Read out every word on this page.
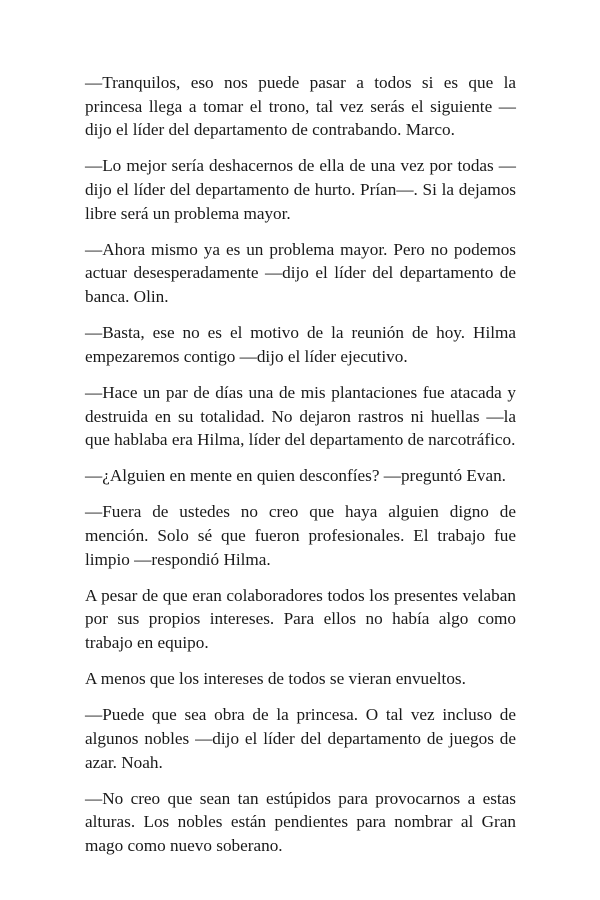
—Tranquilos, eso nos puede pasar a todos si es que la princesa llega a tomar el trono, tal vez serás el siguiente —dijo el líder del departamento de contrabando. Marco.

—Lo mejor sería deshacernos de ella de una vez por todas —dijo el líder del departamento de hurto. Prían—. Si la dejamos libre será un problema mayor.

—Ahora mismo ya es un problema mayor. Pero no podemos actuar desesperadamente —dijo el líder del departamento de banca. Olin.

—Basta, ese no es el motivo de la reunión de hoy. Hilma empezaremos contigo —dijo el líder ejecutivo.

—Hace un par de días una de mis plantaciones fue atacada y destruida en su totalidad. No dejaron rastros ni huellas —la que hablaba era Hilma, líder del departamento de narcotráfico.

—¿Alguien en mente en quien desconfíes? —preguntó Evan.

—Fuera de ustedes no creo que haya alguien digno de mención. Solo sé que fueron profesionales. El trabajo fue limpio —respondió Hilma.

A pesar de que eran colaboradores todos los presentes velaban por sus propios intereses. Para ellos no había algo como trabajo en equipo.

A menos que los intereses de todos se vieran envueltos.

—Puede que sea obra de la princesa. O tal vez incluso de algunos nobles —dijo el líder del departamento de juegos de azar. Noah.

—No creo que sean tan estúpidos para provocarnos a estas alturas. Los nobles están pendientes para nombrar al Gran mago como nuevo soberano.
